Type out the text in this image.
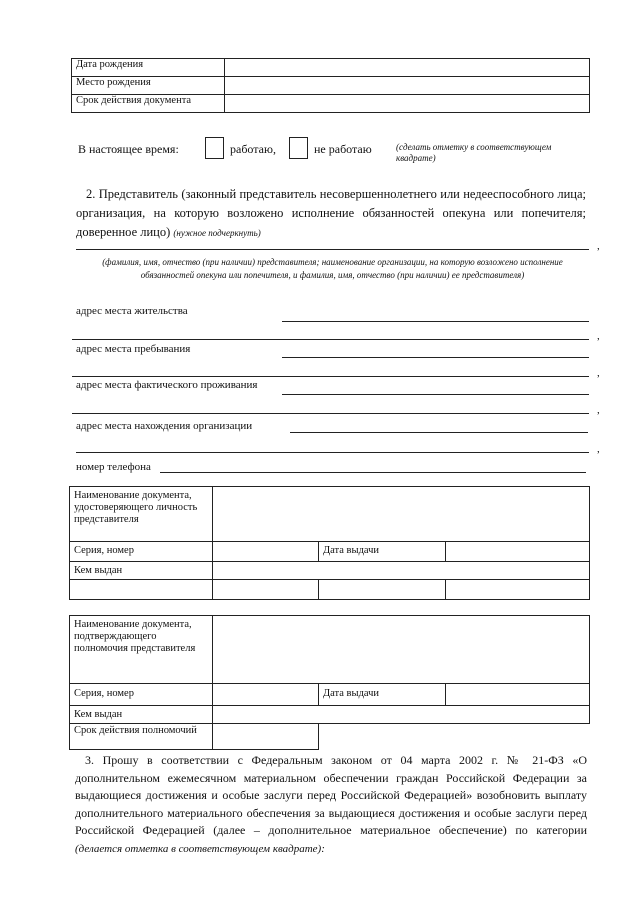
Дата рождения	
Место рождения	
Срок действия документа	
В настоящее время:	работаю,	не работаю	(сделать отметку в соответствующем квадрате)
2. Представитель (законный представитель несовершеннолетнего или недееспособного лица; организация, на которую возложено исполнение обязанностей опекуна или попечителя; доверенное лицо) (нужное подчеркнуть)
,
(фамилия, имя, отчество (при наличии) представителя; наименование организации, на которую возложено исполнение обязанностей опекуна или попечителя, и фамилия, имя, отчество (при наличии) ее представителя)
адрес места жительства
,
адрес места пребывания
,
адрес места фактического проживания
,
адрес места нахождения организации
,
номер телефона
Наименование документа, удостоверяющего личность представителя			
Серия, номер		Дата выдачи	
Кем выдан			

Наименование документа, подтверждающего полномочия представителя			
Серия, номер		Дата выдачи	
Кем выдан			
Срок действия полномочий			
3. Прошу в соответствии с Федеральным законом от 04 марта 2002 г. № 21-ФЗ «О дополнительном ежемесячном материальном обеспечении граждан Российской Федерации за выдающиеся достижения и особые заслуги перед Российской Федерацией» возобновить выплату дополнительного материального обеспечения за выдающиеся достижения и особые заслуги перед Российской Федерацией (далее – дополнительное материальное обеспечение) по категории (делается отметка в соответствующем квадрате):
